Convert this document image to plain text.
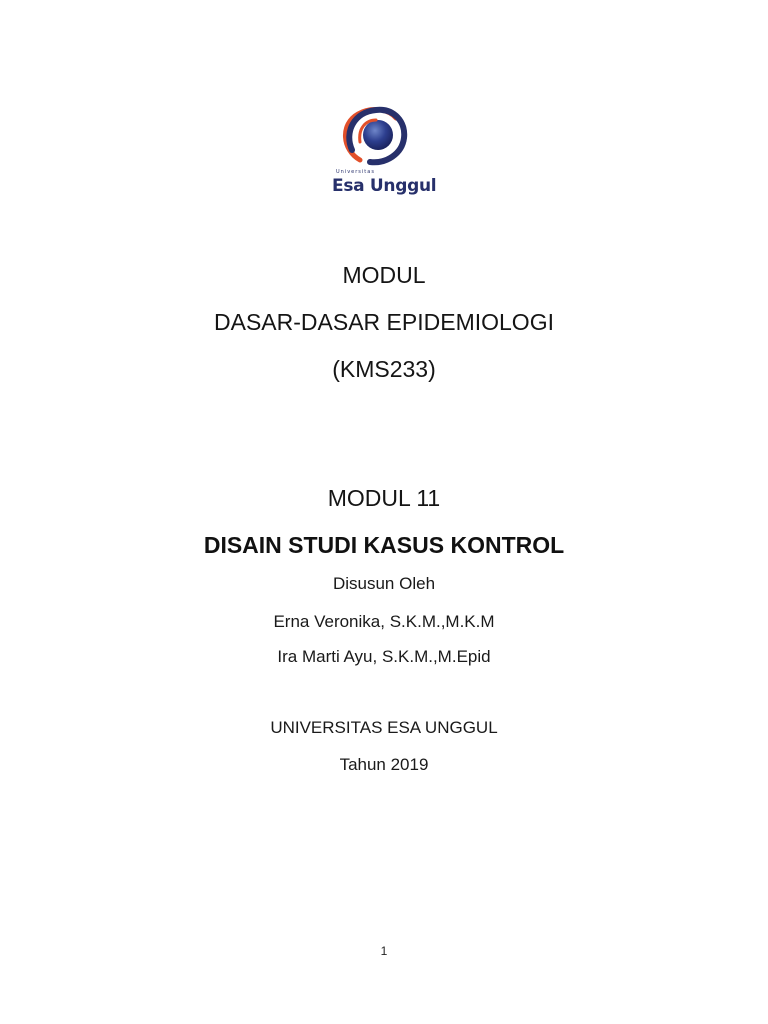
Universitas
Esa Unggul
MODUL
DASAR-DASAR EPIDEMIOLOGI
(KMS233)
MODUL 11
DISAIN STUDI KASUS KONTROL
Disusun Oleh
Erna Veronika, S.K.M.,M.K.M
Ira Marti Ayu, S.K.M.,M.Epid
UNIVERSITAS ESA UNGGUL
Tahun 2019
1
